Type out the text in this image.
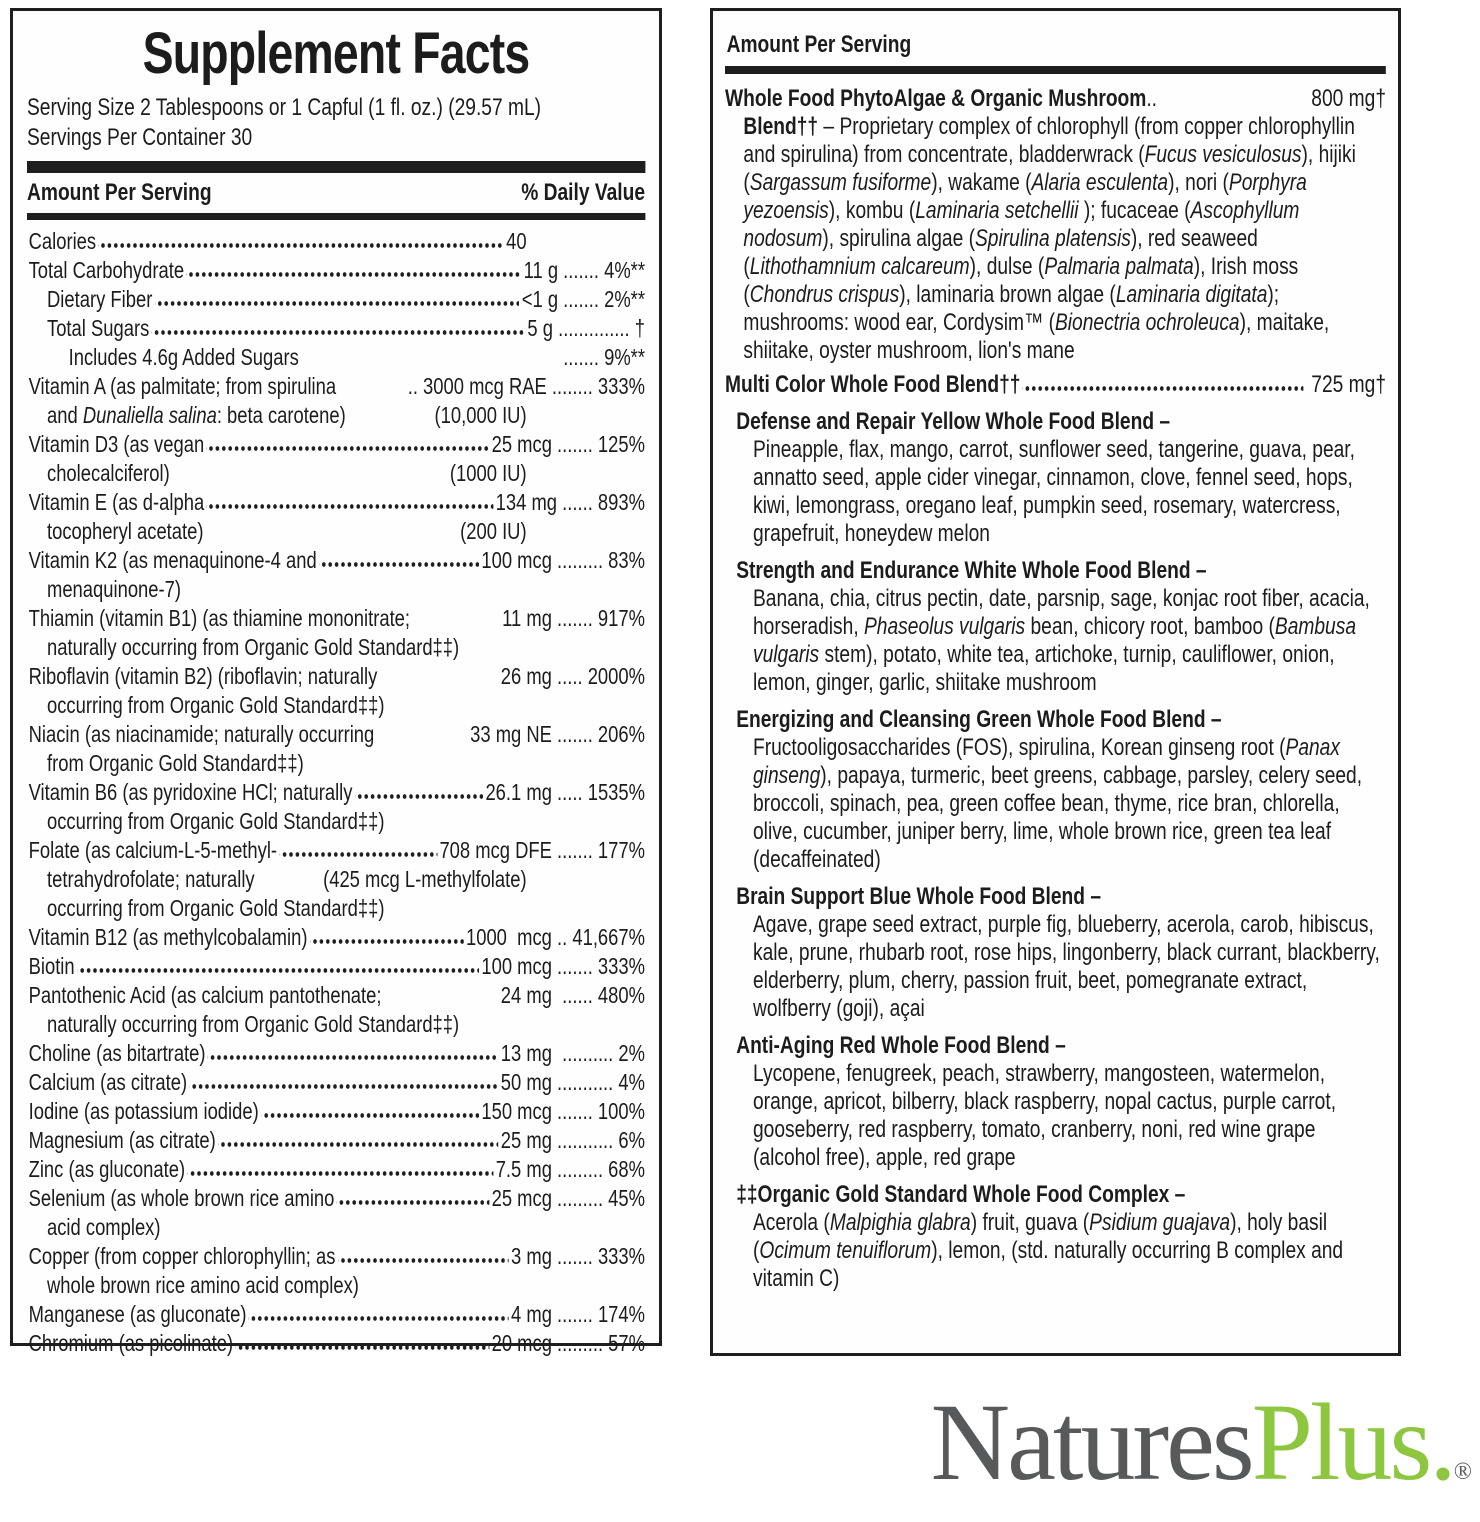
Supplement Facts
Serving Size 2 Tablespoons or 1 Capful (1 fl. oz.) (29.57 mL)
Servings Per Container 30
Amount Per Serving	% Daily Value
Calories	40
Total Carbohydrate	11 g ....... 4%**
Dietary Fiber	<1 g ....... 2%**
Total Sugars	5 g .............. †
Includes 4.6g Added Sugars	....... 9%**
Vitamin A (as palmitate; from spirulina	.. 3000 mcg RAE ........ 333%
and Dunaliella salina: beta carotene)	(10,000 IU)
Vitamin D3 (as vegan	25 mcg ....... 125%
cholecalciferol)	(1000 IU)
Vitamin E (as d-alpha	134 mg ...... 893%
tocopheryl acetate)	(200 IU)
Vitamin K2 (as menaquinone-4 and	100 mcg ......... 83%
menaquinone-7)
Thiamin (vitamin B1) (as thiamine mononitrate;	11 mg ....... 917%
naturally occurring from Organic Gold Standard‡‡)
Riboflavin (vitamin B2) (riboflavin; naturally	26 mg ..... 2000%
occurring from Organic Gold Standard‡‡)
Niacin (as niacinamide; naturally occurring	33 mg NE ....... 206%
from Organic Gold Standard‡‡)
Vitamin B6 (as pyridoxine HCl; naturally	26.1 mg ..... 1535%
occurring from Organic Gold Standard‡‡)
Folate (as calcium-L-5-methyl-	708 mcg DFE ....... 177%
tetrahydrofolate; naturally	(425 mcg L-methylfolate)
occurring from Organic Gold Standard‡‡)
Vitamin B12 (as methylcobalamin)	1000  mcg .. 41,667%
Biotin	100 mcg ....... 333%
Pantothenic Acid (as calcium pantothenate;	24 mg  ...... 480%
naturally occurring from Organic Gold Standard‡‡)
Choline (as bitartrate)	13 mg  .......... 2%
Calcium (as citrate)	50 mg ........... 4%
Iodine (as potassium iodide)	150 mcg ....... 100%
Magnesium (as citrate)	25 mg ........... 6%
Zinc (as gluconate)	7.5 mg ......... 68%
Selenium (as whole brown rice amino	25 mcg ......... 45%
acid complex)
Copper (from copper chlorophyllin; as	3 mg ....... 333%
whole brown rice amino acid complex)
Manganese (as gluconate)	4 mg ....... 174%
Chromium (as picolinate)	20 mcg ......... 57%
Amount Per Serving
Whole Food PhytoAlgae & Organic Mushroom ..	800 mg†
Blend†† – Proprietary complex of chlorophyll (from copper chlorophyllin and spirulina) from concentrate, bladderwrack (Fucus vesiculosus), hijiki (Sargassum fusiforme), wakame (Alaria esculenta), nori (Porphyra yezoensis), kombu (Laminaria setchellii ); fucaceae (Ascophyllum nodosum), spirulina algae (Spirulina platensis), red seaweed (Lithothamnium calcareum), dulse (Palmaria palmata), Irish moss (Chondrus crispus), laminaria brown algae (Laminaria digitata); mushrooms: wood ear, Cordysim™ (Bionectria ochroleuca), maitake, shiitake, oyster mushroom, lion's mane
Multi Color Whole Food Blend††	725 mg†
Defense and Repair Yellow Whole Food Blend –
Pineapple, flax, mango, carrot, sunflower seed, tangerine, guava, pear, annatto seed, apple cider vinegar, cinnamon, clove, fennel seed, hops, kiwi, lemongrass, oregano leaf, pumpkin seed, rosemary, watercress, grapefruit, honeydew melon
Strength and Endurance White Whole Food Blend –
Banana, chia, citrus pectin, date, parsnip, sage, konjac root fiber, acacia, horseradish, Phaseolus vulgaris bean, chicory root, bamboo (Bambusa vulgaris stem), potato, white tea, artichoke, turnip, cauliflower, onion, lemon, ginger, garlic, shiitake mushroom
Energizing and Cleansing Green Whole Food Blend –
Fructooligosaccharides (FOS), spirulina, Korean ginseng root (Panax ginseng), papaya, turmeric, beet greens, cabbage, parsley, celery seed, broccoli, spinach, pea, green coffee bean, thyme, rice bran, chlorella, olive, cucumber, juniper berry, lime, whole brown rice, green tea leaf (decaffeinated)
Brain Support Blue Whole Food Blend –
Agave, grape seed extract, purple fig, blueberry, acerola, carob, hibiscus, kale, prune, rhubarb root, rose hips, lingonberry, black currant, blackberry, elderberry, plum, cherry, passion fruit, beet, pomegranate extract, wolfberry (goji), açai
Anti-Aging Red Whole Food Blend –
Lycopene, fenugreek, peach, strawberry, mangosteen, watermelon, orange, apricot, bilberry, black raspberry, nopal cactus, purple carrot, gooseberry, red raspberry, tomato, cranberry, noni, red wine grape (alcohol free), apple, red grape
‡‡Organic Gold Standard Whole Food Complex –
Acerola (Malpighia glabra) fruit, guava (Psidium guajava), holy basil (Ocimum tenuiflorum), lemon, (std. naturally occurring B complex and vitamin C)
NaturesPlus.®
